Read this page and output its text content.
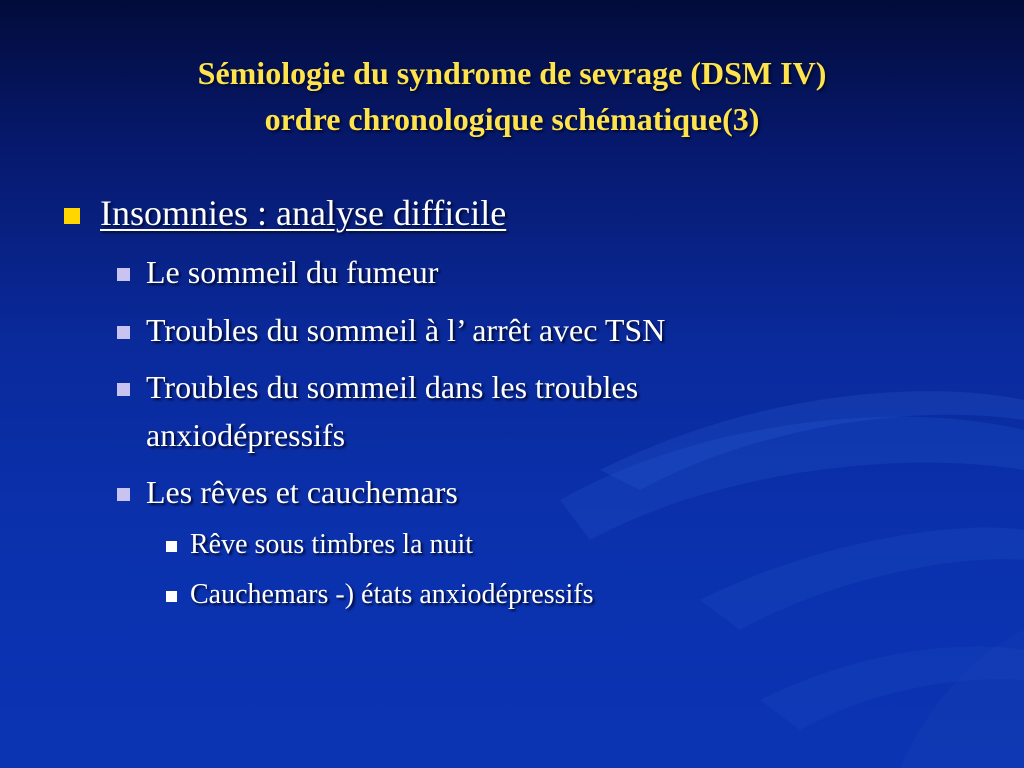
Sémiologie du syndrome de sevrage (DSM IV)
ordre chronologique schématique(3)
Insomnies : analyse difficile
Le sommeil du fumeur
Troubles du sommeil à l’ arrêt avec TSN
Troubles du sommeil dans les troubles
anxiodépressifs
Les rêves et cauchemars
Rêve sous timbres la nuit
Cauchemars -) états anxiodépressifs
